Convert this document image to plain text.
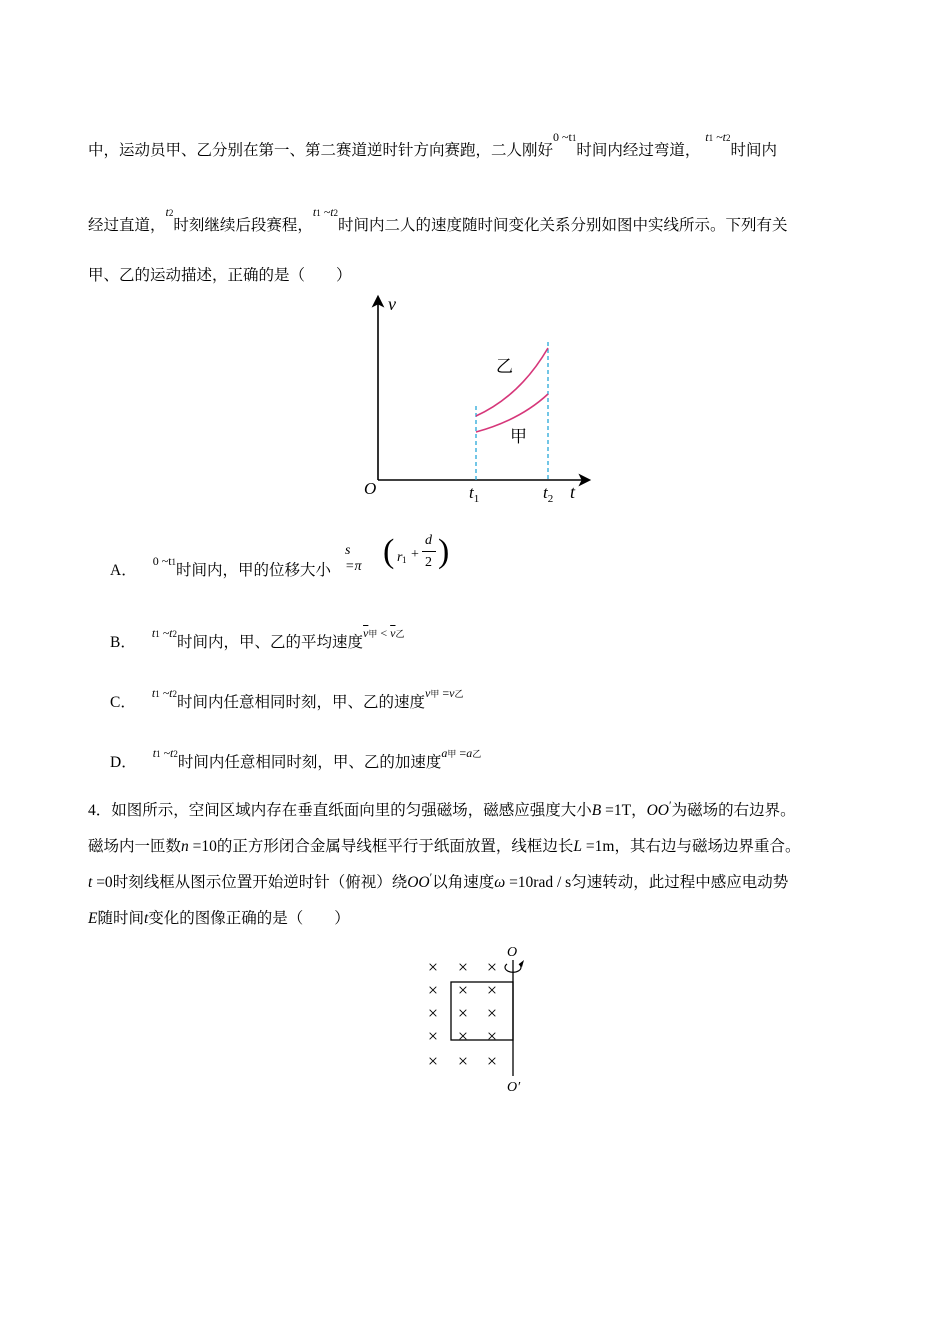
中，运动员甲、乙分别在第一、第二赛道逆时针方向赛跑，二人刚好$^{0 \sim t1}$时间内经过弯道， $^{t1 \sim t2}$时间内
经过直道，$^{t2}$时刻继续后段赛程，$^{t1 \sim t2}$时间内二人的速度随时间变化关系分别如图中实线所示。下列有关
甲、乙的运动描述，正确的是（　　）
v
t
O
乙
甲
$t_1$	$t_2$
A．$^{0 \sim t1}$时间内，甲的位移大小
s =π ( r 1 +
d
2 )
B．$^{t1 \sim t2}$时间内，甲、乙的平均速度$^{\overline{v}甲 < \overline{v}乙}$
C．$^{t1 \sim t2}$时间内任意相同时刻，甲、乙的速度$^{v甲 =v乙}$
D．$^{t1 \sim t2}$时间内任意相同时刻，甲、乙的加速度$^{a甲 =a乙}$
4．如图所示，空间区域内存在垂直纸面向里的匀强磁场，磁感应强度大小B =1T，OO′为磁场的右边界。
磁场内一匝数n =10的正方形闭合金属导线框平行于纸面放置，线框边长L =1m，其右边与磁场边界重合。
t =0时刻线框从图示位置开始逆时针（俯视）绕OO′以角速度ω =10rad / s匀速转动，此过程中感应电动势
E随时间t变化的图像正确的是（　　）
× × ×
× × ×
× × ×
× × ×
× × ×
O
O′
